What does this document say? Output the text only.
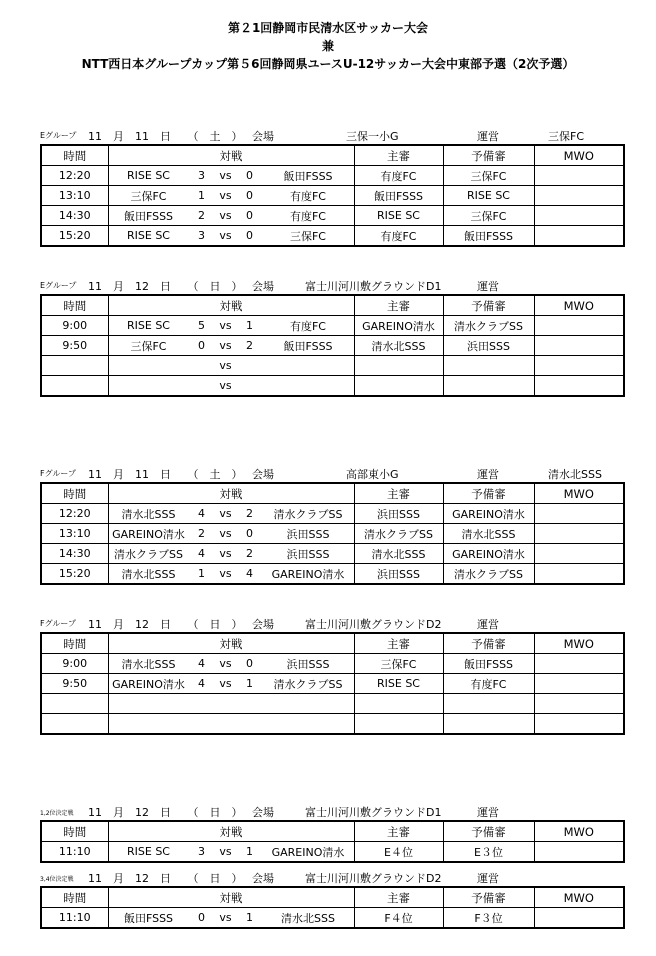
第２1回静岡市民清水区サッカー大会
兼
NTT西日本グループカップ第５6回静岡県ユースU-12サッカー大会中東部予選（2次予選）
Eグループ 11　月　11　日　　（　土　） 会場	三保一小G	運営	三保FC
時間	対戦	主審	予備審	MWO
12:20	RISE SC 3 vs 0 飯田FSSS	有度FC	三保FC	
13:10	三保FC 1 vs 0 有度FC	飯田FSSS	RISE SC	
14:30	飯田FSSS 2 vs 0 有度FC	RISE SC	三保FC	
15:20	RISE SC 3 vs 0 三保FC	有度FC	飯田FSSS	
Eグループ 11　月　12　日　　（　日　） 会場	富士川河川敷グラウンドD1	運営
時間	対戦	主審	予備審	MWO
9:00	RISE SC 5 vs 1 有度FC	GAREINO清水	清水クラブSS	
9:50	三保FC 0 vs 2 飯田FSSS	清水北SSS	浜田SSS	

	vs			

	vs			

Fグループ 11　月　11　日　　（　土　） 会場	高部東小G	運営	清水北SSS
時間	対戦	主審	予備審	MWO
12:20	清水北SSS 4 vs 2 清水クラブSS	浜田SSS	GAREINO清水	
13:10	GAREINO清水 2 vs 0 浜田SSS	清水クラブSS	清水北SSS	
14:30	清水クラブSS 4 vs 2 浜田SSS	清水北SSS	GAREINO清水	
15:20	清水北SSS 1 vs 4 GAREINO清水	浜田SSS	清水クラブSS	
Fグループ 11　月　12　日　　（　日　） 会場	富士川河川敷グラウンドD2	運営
時間	対戦	主審	予備審	MWO
9:00	清水北SSS 4 vs 0 浜田SSS	三保FC	飯田FSSS	
9:50	GAREINO清水 4 vs 1 清水クラブSS	RISE SC	有度FC	

1,2位決定戦 11　月　12　日　　（　日　） 会場	富士川河川敷グラウンドD1	運営
時間	対戦	主審	予備審	MWO
11:10	RISE SC 3 vs 1 GAREINO清水	E４位	E３位	
3,4位決定戦 11　月　12　日　　（　日　） 会場	富士川河川敷グラウンドD2	運営
時間	対戦	主審	予備審	MWO
11:10	飯田FSSS 0 vs 1 清水北SSS	F４位	F３位	
